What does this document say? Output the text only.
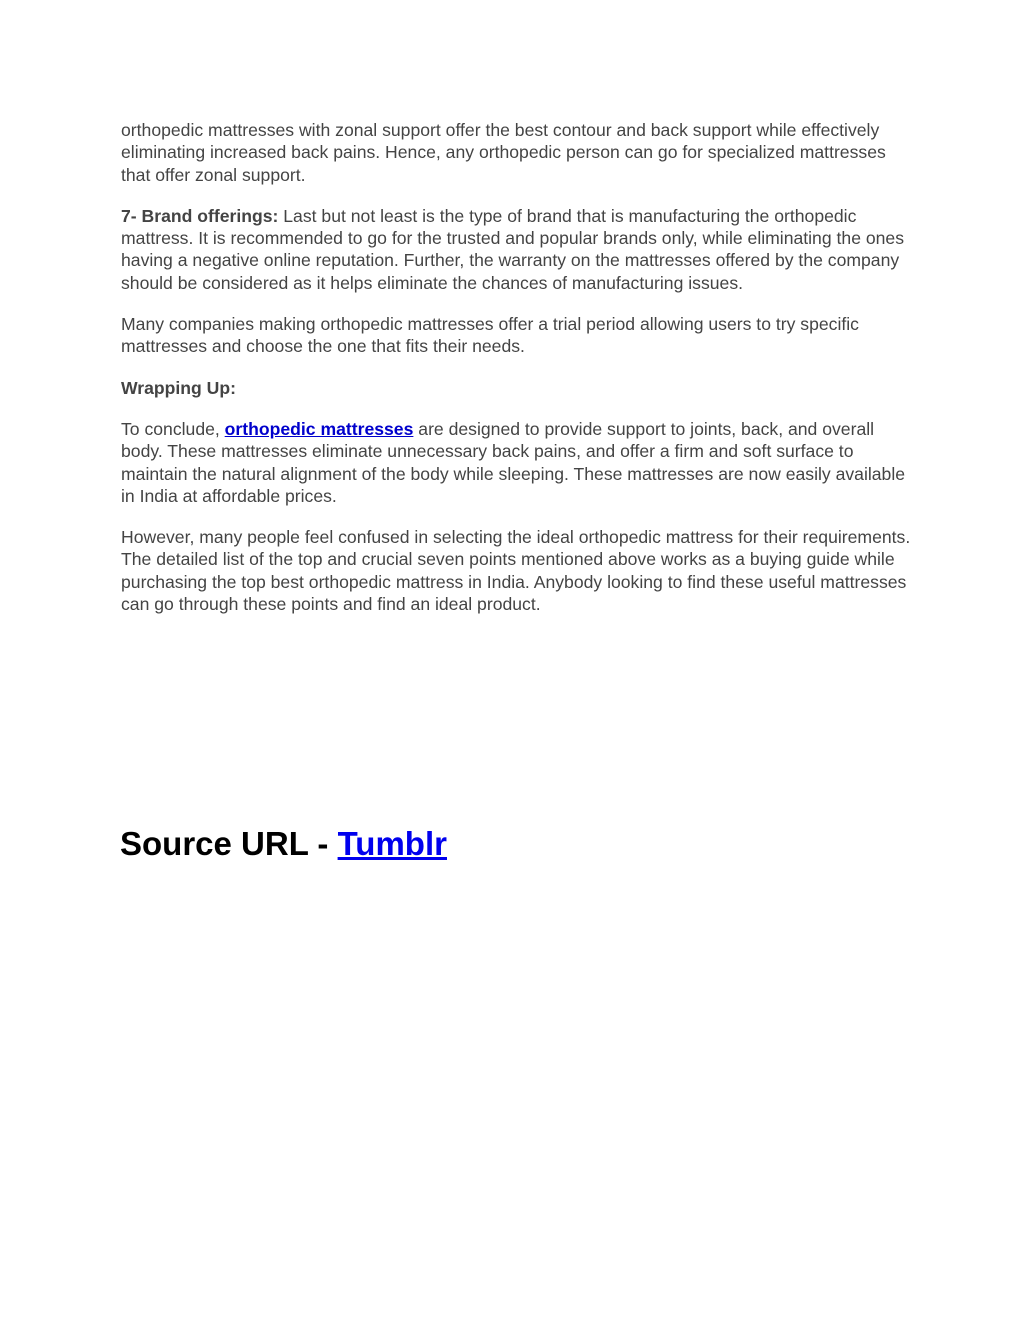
orthopedic mattresses with zonal support offer the best contour and back support while effectively eliminating increased back pains. Hence, any orthopedic person can go for specialized mattresses that offer zonal support.

7- Brand offerings: Last but not least is the type of brand that is manufacturing the orthopedic mattress. It is recommended to go for the trusted and popular brands only, while eliminating the ones having a negative online reputation. Further, the warranty on the mattresses offered by the company should be considered as it helps eliminate the chances of manufacturing issues.

Many companies making orthopedic mattresses offer a trial period allowing users to try specific mattresses and choose the one that fits their needs.

Wrapping Up:

To conclude, orthopedic mattresses are designed to provide support to joints, back, and overall body. These mattresses eliminate unnecessary back pains, and offer a firm and soft surface to maintain the natural alignment of the body while sleeping. These mattresses are now easily available in India at affordable prices.

However, many people feel confused in selecting the ideal orthopedic mattress for their requirements. The detailed list of the top and crucial seven points mentioned above works as a buying guide while purchasing the top best orthopedic mattress in India. Anybody looking to find these useful mattresses can go through these points and find an ideal product.

Source URL - Tumblr
